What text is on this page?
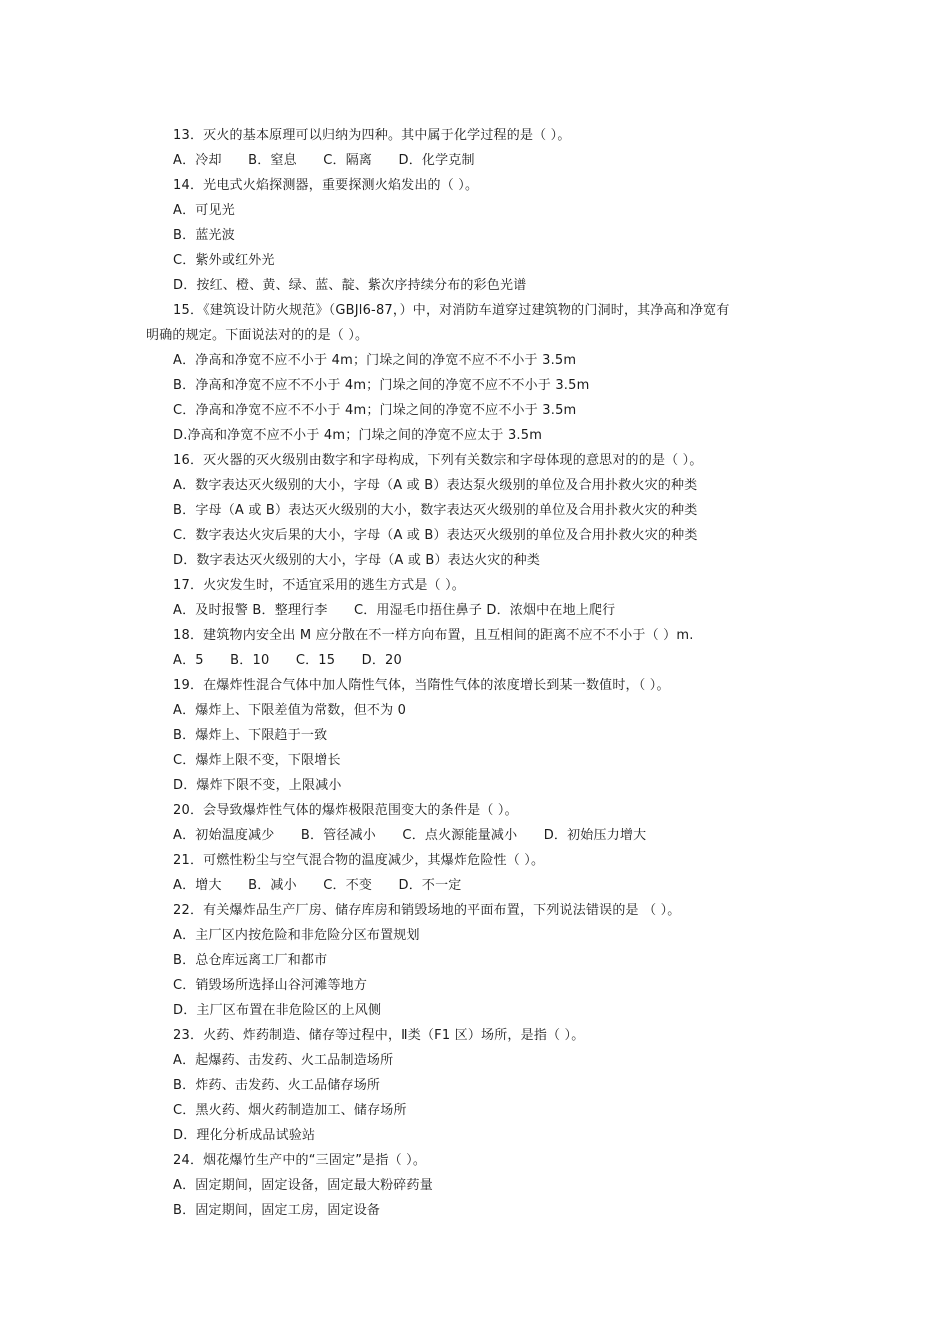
13．灭火的基本原理可以归纳为四种。其中属于化学过程的是（ ）。
A．冷却　　B．窒息　　C．隔离　　D．化学克制
14．光电式火焰探测器，重要探测火焰发出的（ ）。
A．可见光
B．蓝光波
C．紫外或红外光
D．按红、橙、黄、绿、蓝、靛、紫次序持续分布的彩色光谱
15．《建筑设计防火规范》（GBJl6-87，）中，对消防车道穿过建筑物的门洞时，其净高和净宽有
明确的规定。下面说法对的的是（ ）。
A．净高和净宽不应不小于 4m；门垛之间的净宽不应不不小于 3.5m
B．净高和净宽不应不不小于 4m；门垛之间的净宽不应不不小于 3.5m
C．净高和净宽不应不不小于 4m；门垛之间的净宽不应不小于 3.5m
D.净高和净宽不应不小于 4m；门垛之间的净宽不应太于 3.5m
16．灭火器的灭火级别由数字和字母构成，下列有关数宗和字母体现的意思对的的是（ ）。
A．数字表达灭火级别的大小，字母（A 或 B）表达泵火级别的单位及合用扑救火灾的种类
B．字母（A 或 B）表达灭火级别的大小，数字表达灭火级别的单位及合用扑救火灾的种类
C．数字表达火灾后果的大小，字母（A 或 B）表达灭火级别的单位及合用扑救火灾的种类
D．数字表达灭火级别的大小，字母（A 或 B）表达火灾的种类
17．火灾发生时，不适宜采用的逃生方式是（ ）。
A．及时报警 B．整理行李　　C．用湿毛巾捂住鼻子 D．浓烟中在地上爬行
18．建筑物内安全出 M 应分散在不一样方向布置，且互相间的距离不应不不小于（ ）m.
A．5　　B．10　　C．15　　D．20
19．在爆炸性混合气体中加人隋性气体，当隋性气体的浓度增长到某一数值时，（ ）。
A．爆炸上、下限差值为常数，但不为 0
B．爆炸上、下限趋于一致
C．爆炸上限不变，下限增长
D．爆炸下限不变，上限减小
20．会导致爆炸性气体的爆炸极限范围变大的条件是（ ）。
A．初始温度减少　　B．管径减小　　C．点火源能量减小　　D．初始压力增大
21．可燃性粉尘与空气混合物的温度减少，其爆炸危险性（ ）。
A．增大　　B．减小　　C．不变　　D．不一定
22．有关爆炸品生产厂房、储存库房和销毁场地的平面布置，下列说法错误的是 （ ）。
A．主厂区内按危险和非危险分区布置规划
B．总仓库远离工厂和都市
C．销毁场所选择山谷河滩等地方
D．主厂区布置在非危险区的上风侧
23．火药、炸药制造、储存等过程中，Ⅱ类（F1 区）场所，是指（ ）。
A．起爆药、击发药、火工品制造场所
B．炸药、击发药、火工品储存场所
C．黑火药、烟火药制造加工、储存场所
D．理化分析成品试验站
24．烟花爆竹生产中的“三固定”是指（ ）。
A．固定期间，固定设备，固定最大粉碎药量
B．固定期间，固定工房，固定设备
